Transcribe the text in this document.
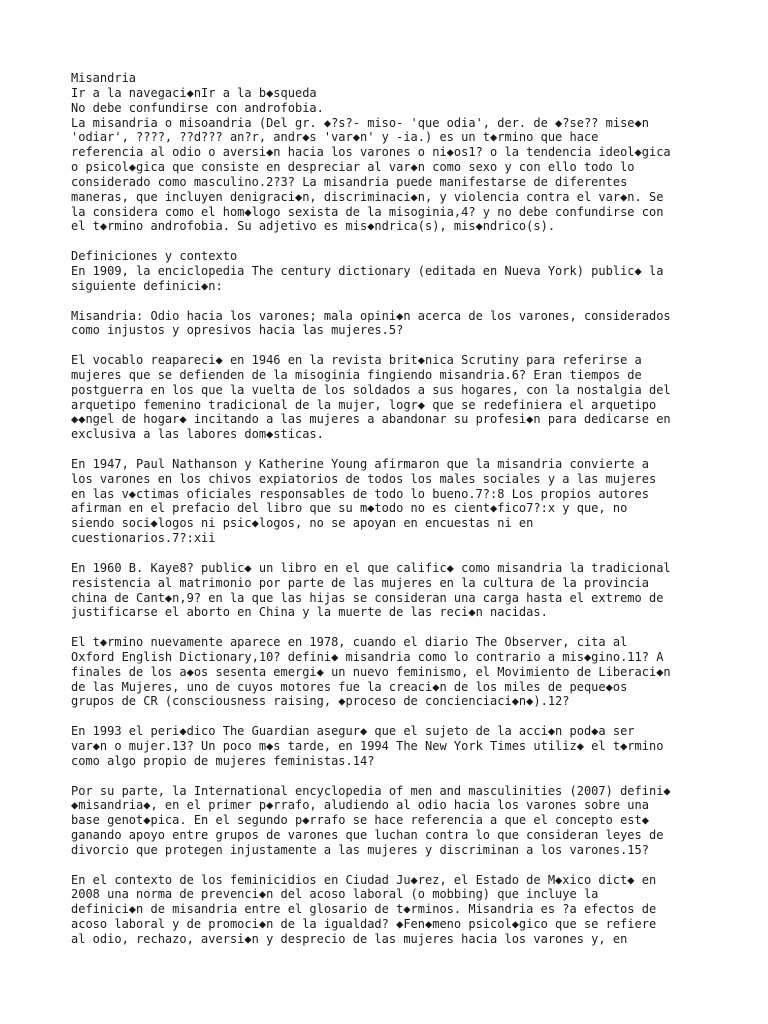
Misandria
Ir a la navegaci◆nIr a la b◆squeda
No debe confundirse con androfobia.
La misandria o misoandria (Del gr. ◆?s?- miso- 'que odia', der. de ◆?se?? mise◆n
'odiar', ????, ??d??? an?r, andr◆s 'var◆n' y -ia.) es un t◆rmino que hace
referencia al odio o aversi◆n hacia los varones o ni◆os1? o la tendencia ideol◆gica
o psicol◆gica que consiste en despreciar al var◆n como sexo y con ello todo lo
considerado como masculino.2?3? La misandria puede manifestarse de diferentes
maneras, que incluyen denigraci◆n, discriminaci◆n, y violencia contra el var◆n. Se
la considera como el hom◆logo sexista de la misoginia,4? y no debe confundirse con
el t◆rmino androfobia. Su adjetivo es mis◆ndrica(s), mis◆ndrico(s).
Definiciones y contexto
En 1909, la enciclopedia The century dictionary (editada en Nueva York) public◆ la
siguiente definici◆n:
Misandria: Odio hacia los varones; mala opini◆n acerca de los varones, considerados
como injustos y opresivos hacia las mujeres.5?
El vocablo reapareci◆ en 1946 en la revista brit◆nica Scrutiny para referirse a
mujeres que se defienden de la misoginia fingiendo misandria.6? Eran tiempos de
postguerra en los que la vuelta de los soldados a sus hogares, con la nostalgia del
arquetipo femenino tradicional de la mujer, logr◆ que se redefiniera el arquetipo
◆◆ngel de hogar◆ incitando a las mujeres a abandonar su profesi◆n para dedicarse en
exclusiva a las labores dom◆sticas.
En 1947, Paul Nathanson y Katherine Young afirmaron que la misandria convierte a
los varones en los chivos expiatorios de todos los males sociales y a las mujeres
en las v◆ctimas oficiales responsables de todo lo bueno.7?:8 Los propios autores
afirman en el prefacio del libro que su m◆todo no es cient◆fico7?:x y que, no
siendo soci◆logos ni psic◆logos, no se apoyan en encuestas ni en
cuestionarios.7?:xii
En 1960 B. Kaye8? public◆ un libro en el que calific◆ como misandria la tradicional
resistencia al matrimonio por parte de las mujeres en la cultura de la provincia
china de Cant◆n,9? en la que las hijas se consideran una carga hasta el extremo de
justificarse el aborto en China y la muerte de las reci◆n nacidas.
El t◆rmino nuevamente aparece en 1978, cuando el diario The Observer, cita al
Oxford English Dictionary,10? defini◆ misandria como lo contrario a mis◆gino.11? A
finales de los a◆os sesenta emergi◆ un nuevo feminismo, el Movimiento de Liberaci◆n
de las Mujeres, uno de cuyos motores fue la creaci◆n de los miles de peque◆os
grupos de CR (consciousness raising, ◆proceso de concienciaci◆n◆).12?
En 1993 el peri◆dico The Guardian asegur◆ que el sujeto de la acci◆n pod◆a ser
var◆n o mujer.13? Un poco m◆s tarde, en 1994 The New York Times utiliz◆ el t◆rmino
como algo propio de mujeres feministas.14?
Por su parte, la International encyclopedia of men and masculinities (2007) defini◆
◆misandria◆, en el primer p◆rrafo, aludiendo al odio hacia los varones sobre una
base genot◆pica. En el segundo p◆rrafo se hace referencia a que el concepto est◆
ganando apoyo entre grupos de varones que luchan contra lo que consideran leyes de
divorcio que protegen injustamente a las mujeres y discriminan a los varones.15?
En el contexto de los feminicidios en Ciudad Ju◆rez, el Estado de M◆xico dict◆ en
2008 una norma de prevenci◆n del acoso laboral (o mobbing) que incluye la
definici◆n de misandria entre el glosario de t◆rminos. Misandria es ?a efectos de
acoso laboral y de promoci◆n de la igualdad? ◆Fen◆meno psicol◆gico que se refiere
al odio, rechazo, aversi◆n y desprecio de las mujeres hacia los varones y, en
